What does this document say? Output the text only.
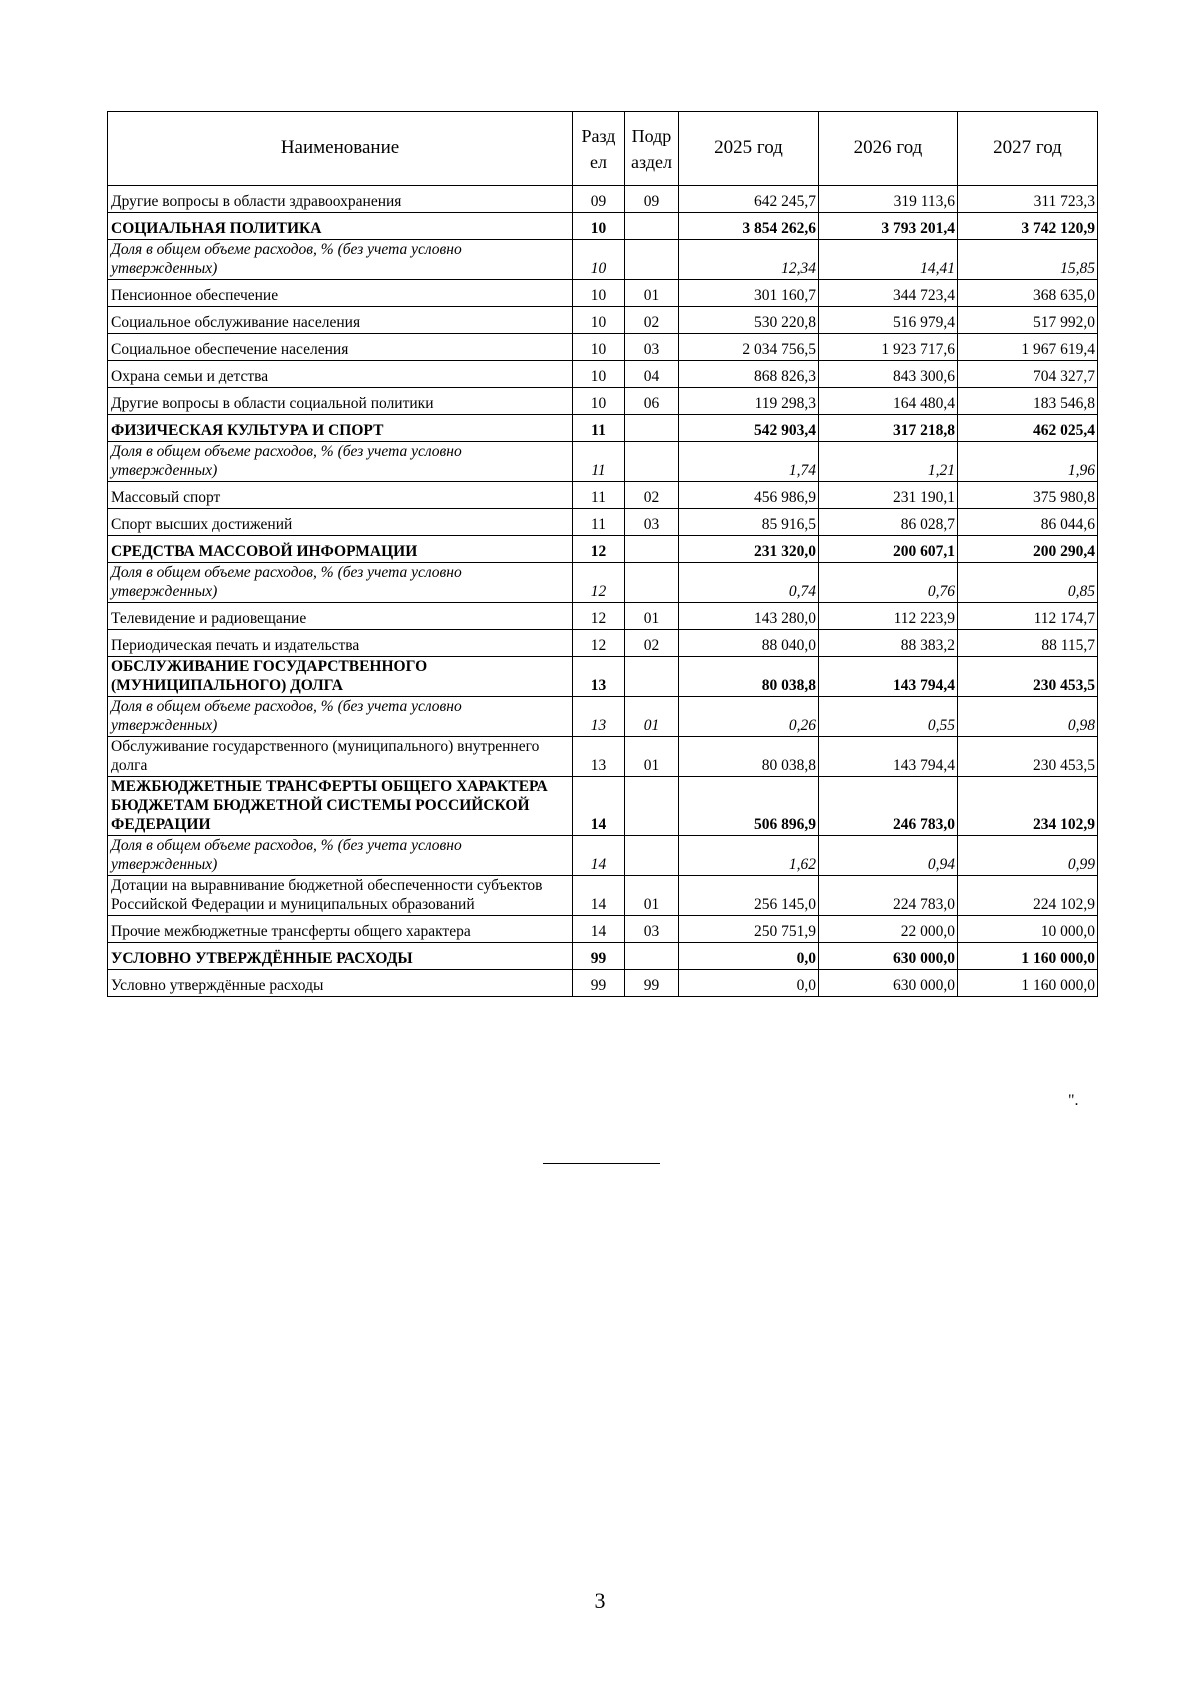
Наименование	Разд ел	Подр аздел	2025 год	2026 год	2027 год
Другие вопросы в области здравоохранения	09	09	642 245,7	319 113,6	311 723,3
СОЦИАЛЬНАЯ ПОЛИТИКА	10		3 854 262,6	3 793 201,4	3 742 120,9
Доля в общем объеме расходов, % (без учета условно утвержденных)	10		12,34	14,41	15,85
Пенсионное обеспечение	10	01	301 160,7	344 723,4	368 635,0
Социальное обслуживание населения	10	02	530 220,8	516 979,4	517 992,0
Социальное обеспечение населения	10	03	2 034 756,5	1 923 717,6	1 967 619,4
Охрана семьи и детства	10	04	868 826,3	843 300,6	704 327,7
Другие вопросы в области социальной политики	10	06	119 298,3	164 480,4	183 546,8
ФИЗИЧЕСКАЯ КУЛЬТУРА И СПОРТ	11		542 903,4	317 218,8	462 025,4
Доля в общем объеме расходов, % (без учета условно утвержденных)	11		1,74	1,21	1,96
Массовый спорт	11	02	456 986,9	231 190,1	375 980,8
Спорт высших достижений	11	03	85 916,5	86 028,7	86 044,6
СРЕДСТВА МАССОВОЙ ИНФОРМАЦИИ	12		231 320,0	200 607,1	200 290,4
Доля в общем объеме расходов, % (без учета условно утвержденных)	12		0,74	0,76	0,85
Телевидение и радиовещание	12	01	143 280,0	112 223,9	112 174,7
Периодическая печать и издательства	12	02	88 040,0	88 383,2	88 115,7
ОБСЛУЖИВАНИЕ ГОСУДАРСТВЕННОГО (МУНИЦИПАЛЬНОГО) ДОЛГА	13		80 038,8	143 794,4	230 453,5
Доля в общем объеме расходов, % (без учета условно утвержденных)	13	01	0,26	0,55	0,98
Обслуживание государственного (муниципального) внутреннего долга	13	01	80 038,8	143 794,4	230 453,5
МЕЖБЮДЖЕТНЫЕ ТРАНСФЕРТЫ ОБЩЕГО ХАРАКТЕРА БЮДЖЕТАМ БЮДЖЕТНОЙ СИСТЕМЫ РОССИЙСКОЙ ФЕДЕРАЦИИ	14		506 896,9	246 783,0	234 102,9
Доля в общем объеме расходов, % (без учета условно утвержденных)	14		1,62	0,94	0,99
Дотации на выравнивание бюджетной обеспеченности субъектов Российской Федерации и муниципальных образований	14	01	256 145,0	224 783,0	224 102,9
Прочие межбюджетные трансферты общего характера	14	03	250 751,9	22 000,0	10 000,0
УСЛОВНО УТВЕРЖДЁННЫЕ РАСХОДЫ	99		0,0	630 000,0	1 160 000,0
Условно утверждённые расходы	99	99	0,0	630 000,0	1 160 000,0
".
3
